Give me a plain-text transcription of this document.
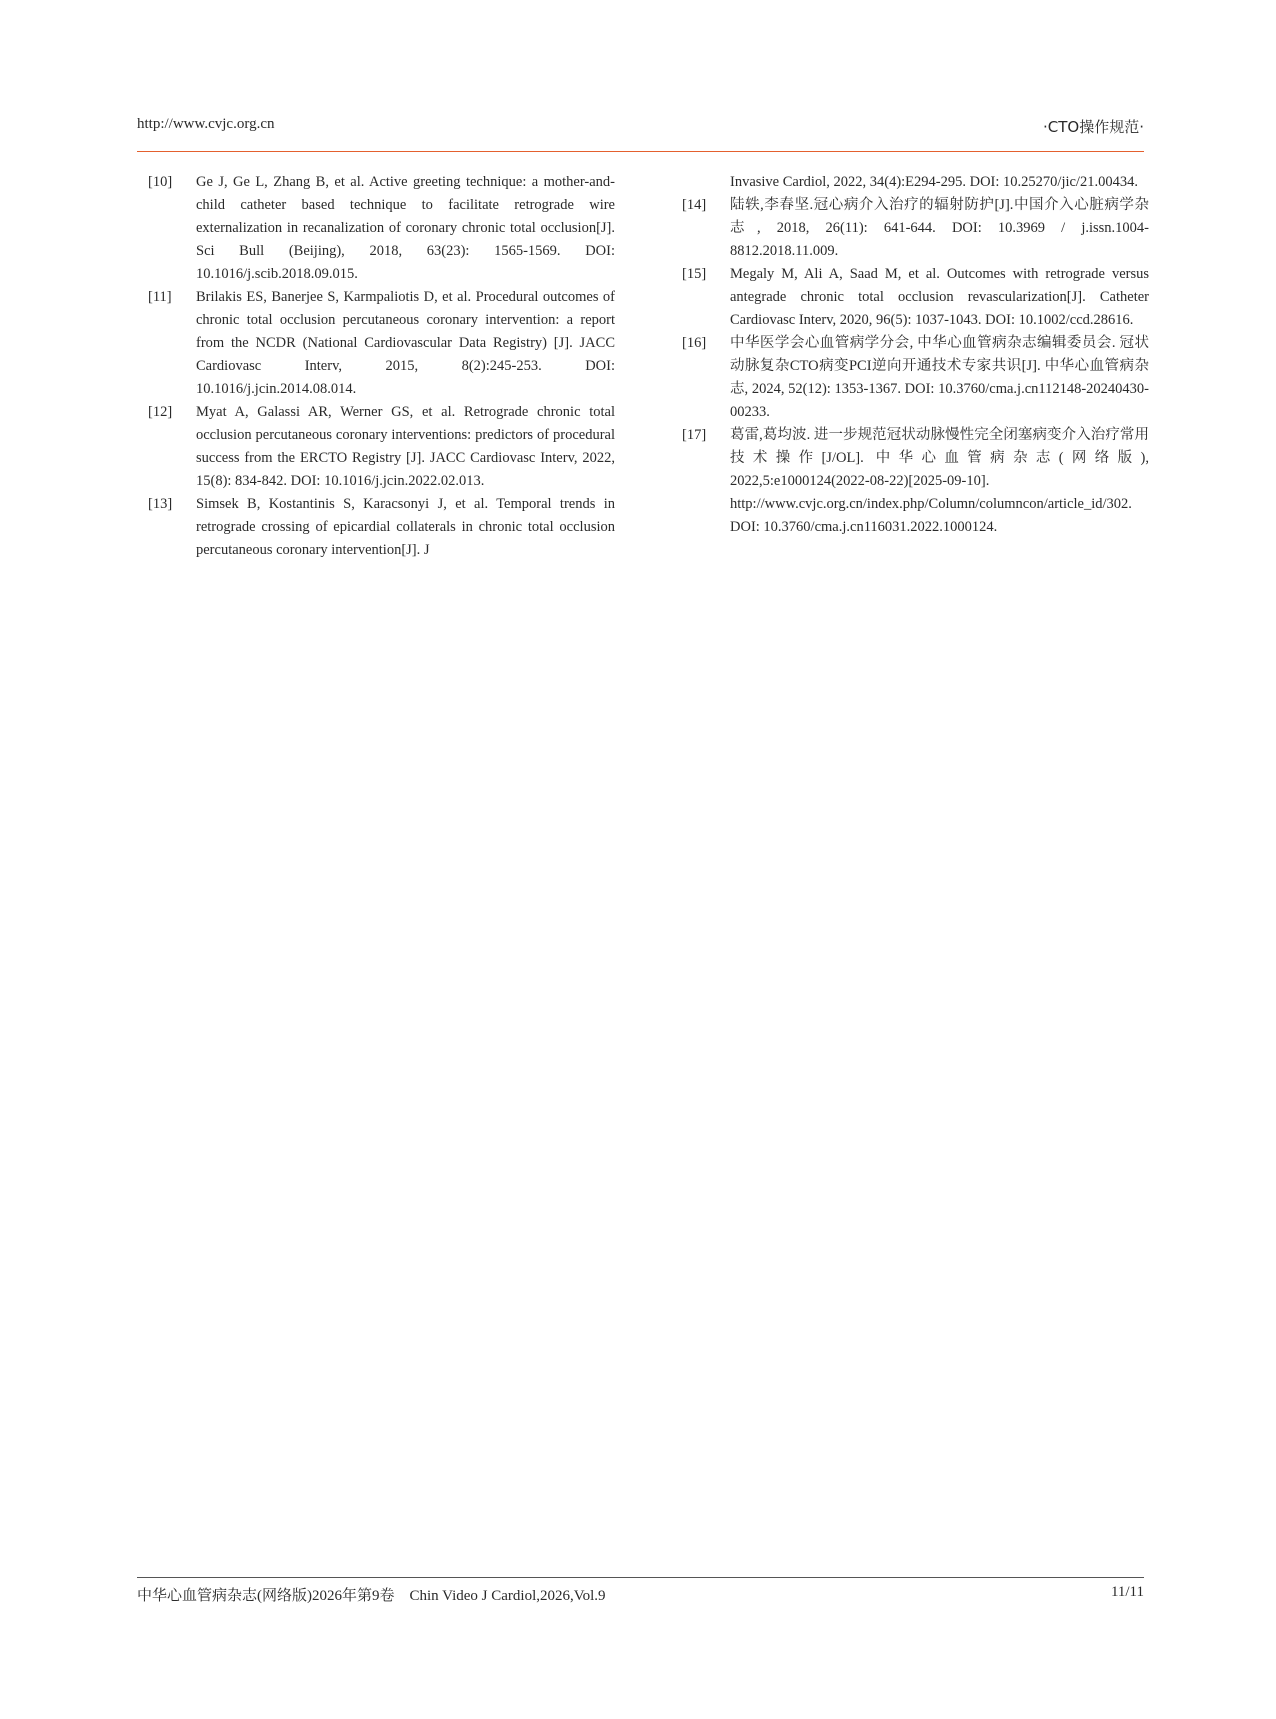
http://www.cvjc.org.cn	·CTO操作规范·
[10]	Ge J, Ge L, Zhang B, et al. Active greeting technique: a mother-and-child catheter based technique to facilitate retrograde wire externalization in recanalization of coronary chronic total occlusion[J]. Sci Bull (Beijing), 2018, 63(23): 1565-1569. DOI: 10.1016/j.scib.2018.09.015.
[11]	Brilakis ES, Banerjee S, Karmpaliotis D, et al. Procedural outcomes of chronic total occlusion percutaneous coronary intervention: a report from the NCDR (National Cardiovascular Data Registry) [J]. JACC Cardiovasc Interv, 2015, 8(2):245-253. DOI: 10.1016/j.jcin.2014.08.014.
[12]	Myat A, Galassi AR, Werner GS, et al. Retrograde chronic total occlusion percutaneous coronary interventions: predictors of procedural success from the ERCTO Registry [J]. JACC Cardiovasc Interv, 2022, 15(8): 834-842. DOI: 10.1016/j.jcin.2022.02.013.
[13]	Simsek B, Kostantinis S, Karacsonyi J, et al. Temporal trends in retrograde crossing of epicardial collaterals in chronic total occlusion percutaneous coronary intervention[J]. J
Invasive Cardiol, 2022, 34(4):E294-295. DOI: 10.25270/jic/21.00434.
[14]	陆轶,李春坚.冠心病介入治疗的辐射防护[J].中国介入心脏病学杂志, 2018, 26(11): 641-644. DOI: 10.3969 / j.issn.1004-8812.2018.11.009.
[15]	Megaly M, Ali A, Saad M, et al. Outcomes with retrograde versus antegrade chronic total occlusion revascularization[J]. Catheter Cardiovasc Interv, 2020, 96(5): 1037-1043. DOI: 10.1002/ccd.28616.
[16]	中华医学会心血管病学分会, 中华心血管病杂志编辑委员会. 冠状动脉复杂CTO病变PCI逆向开通技术专家共识[J]. 中华心血管病杂志, 2024, 52(12): 1353-1367. DOI: 10.3760/cma.j.cn112148-20240430-00233.
[17]	葛雷,葛均波. 进一步规范冠状动脉慢性完全闭塞病变介入治疗常用技术操作[J/OL]. 中华心血管病杂志(网络版), 2022,5:e1000124(2022-08-22)[2025-09-10]. http://www.cvjc.org.cn/index.php/Column/columncon/article_id/302. DOI: 10.3760/cma.j.cn116031.2022.1000124.
中华心血管病杂志(网络版)2026年第9卷　Chin Video J Cardiol,2026,Vol.9	11/11
